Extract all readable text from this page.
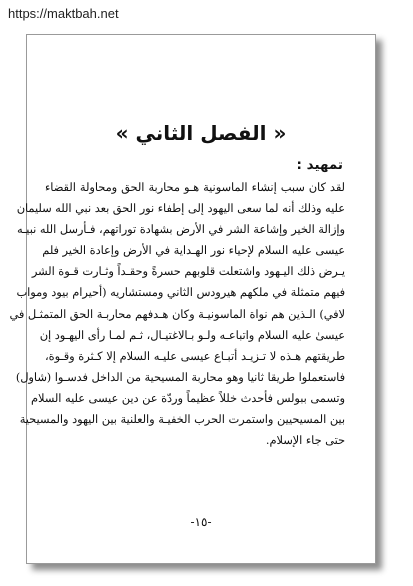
https://maktbah.net
« الفصل الثاني »
تمهيد :
لقد كان سبب إنشاء الماسونية هـو محاربة الحق ومحاولة القضاء
عليه وذلك أنه لما سعى اليهود إلى إطفاء نور الحق بعد نبي الله سليمان
وإزالة الخير وإشاعة الشر في الأرض بشهادة توراتهم، فـأرسل الله نبيـه
عيسى عليه السلام لإحياء نور الهـداية في الأرض وإعادة الخير فلم
يـرض ذلك اليـهود واشتعلت قلوبهم حسرةً وحقـداً وثـارت قـوة الشر
فيهم متمثلة في ملكهم هيرودس الثاني ومستشاريه (أحيرام بيود ومواب
لافي) الـذين هم نواة الماسونيـة وكان هـدفهم محاربـة الحق المتمثـل في
عيسىٰ عليه السلام واتباعـه ولـو بـالاغتيـال، ثـم لمـا رأى اليهـود إن
طريقتهم هـذه لا تـزيـد أتبـاع عيسى عليـه السلام إلا كـثرة وقـوة،
فاستعملوا طريقا ثانيا وهو محاربة المسيحية من الداخل فدسـوا (شاول)
وتسمى ببولس فأحدث خللاً عظيماً وردّة عن دين عيسى عليه السلام
بين المسيحيين واستمرت الحرب الخفيـة والعلنية بين اليهود والمسيحية
حتى جاء الإسلام.
-١٥-
